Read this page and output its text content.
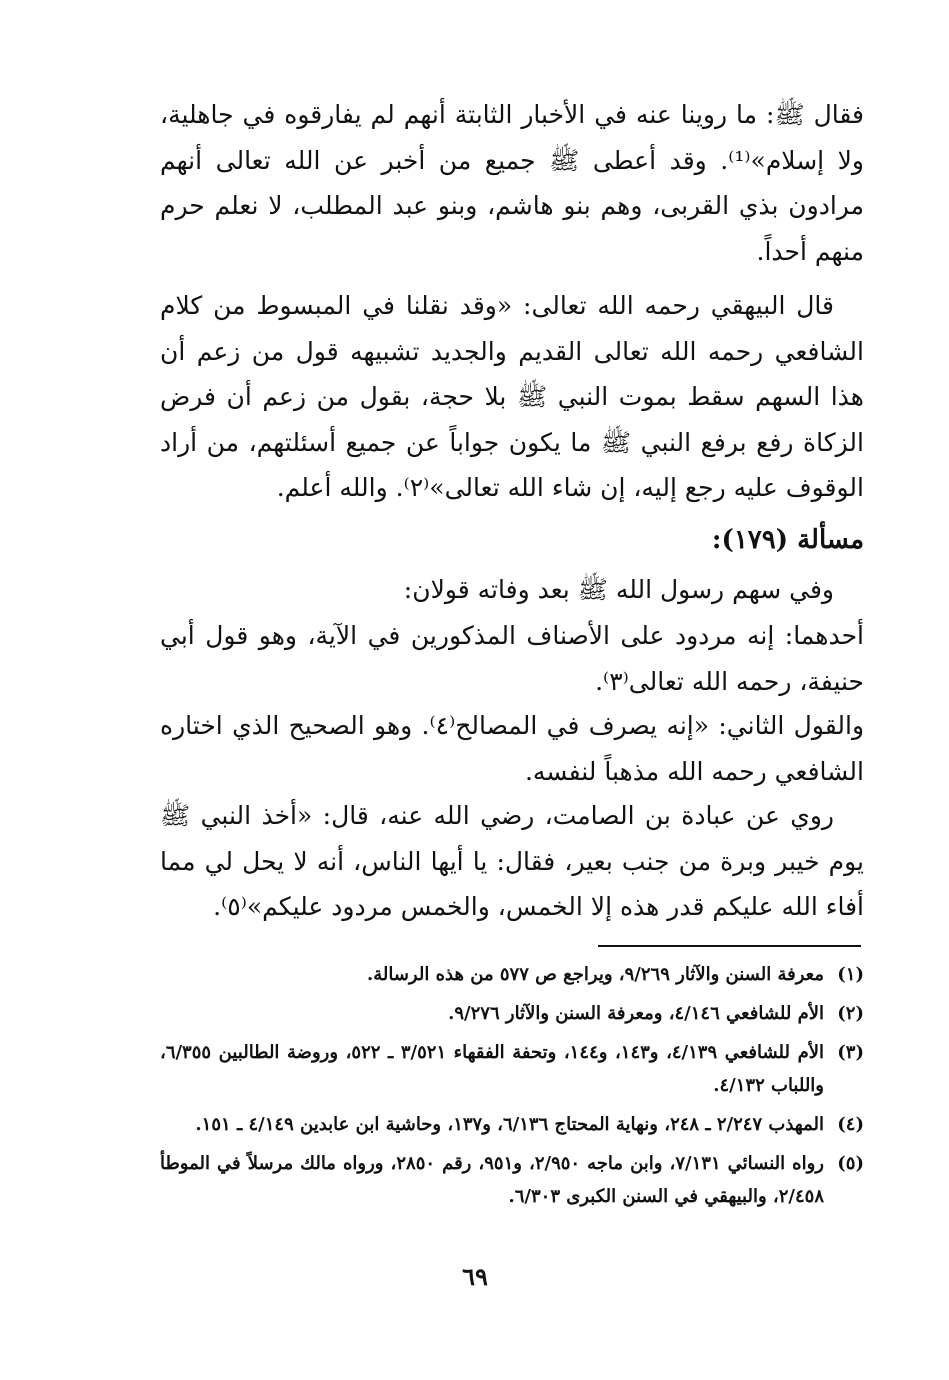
فقال ﷺ: ما روينا عنه في الأخبار الثابتة أنهم لم يفارقوه في جاهلية، ولا إسلام»⁽¹⁾. وقد أعطى ﷺ جميع من أخبر عن الله تعالى أنهم مرادون بذي القربى، وهم بنو هاشم، وبنو عبد المطلب، لا نعلم حرم منهم أحداً.

قال البيهقي رحمه الله تعالى: «وقد نقلنا في المبسوط من كلام الشافعي رحمه الله تعالى القديم والجديد تشبيهه قول من زعم أن هذا السهم سقط بموت النبي ﷺ بلا حجة، بقول من زعم أن فرض الزكاة رفع برفع النبي ﷺ ما يكون جواباً عن جميع أسئلتهم، من أراد الوقوف عليه رجع إليه، إن شاء الله تعالى»⁽٢⁾. والله أعلم.

مسألة (١٧٩):

وفي سهم رسول الله ﷺ بعد وفاته قولان:

أحدهما: إنه مردود على الأصناف المذكورين في الآية، وهو قول أبي حنيفة، رحمه الله تعالى⁽٣⁾.

والقول الثاني: «إنه يصرف في المصالح⁽٤⁾. وهو الصحيح الذي اختاره الشافعي رحمه الله مذهباً لنفسه.

روي عن عبادة بن الصامت، رضي الله عنه، قال: «أخذ النبي ﷺ يوم خيبر وبرة من جنب بعير، فقال: يا أيها الناس، أنه لا يحل لي مما أفاء الله عليكم قدر هذه إلا الخمس، والخمس مردود عليكم»⁽٥⁾.

(١)
معرفة السنن والآثار ٩/٢٦٩، ويراجع ص ٥٧٧ من هذه الرسالة.
(٢)
الأم للشافعي ٤/١٤٦، ومعرفة السنن والآثار ٩/٢٧٦.
(٣)
الأم للشافعي ٤/١٣٩، و١٤٣، و١٤٤، وتحفة الفقهاء ٣/٥٢١ ـ ٥٢٢، وروضة الطالبين ٦/٣٥٥، واللباب ٤/١٣٢.
(٤)
المهذب ٢/٢٤٧ ـ ٢٤٨، ونهاية المحتاج ٦/١٣٦، و١٣٧، وحاشية ابن عابدين ٤/١٤٩ ـ ١٥١.
(٥)
رواه النسائي ٧/١٣١، وابن ماجه ٢/٩٥٠، و٩٥١، رقم ٢٨٥٠، ورواه مالك مرسلاً في الموطأ ٢/٤٥٨، والبيهقي في السنن الكبرى ٦/٣٠٣.
٦٩
